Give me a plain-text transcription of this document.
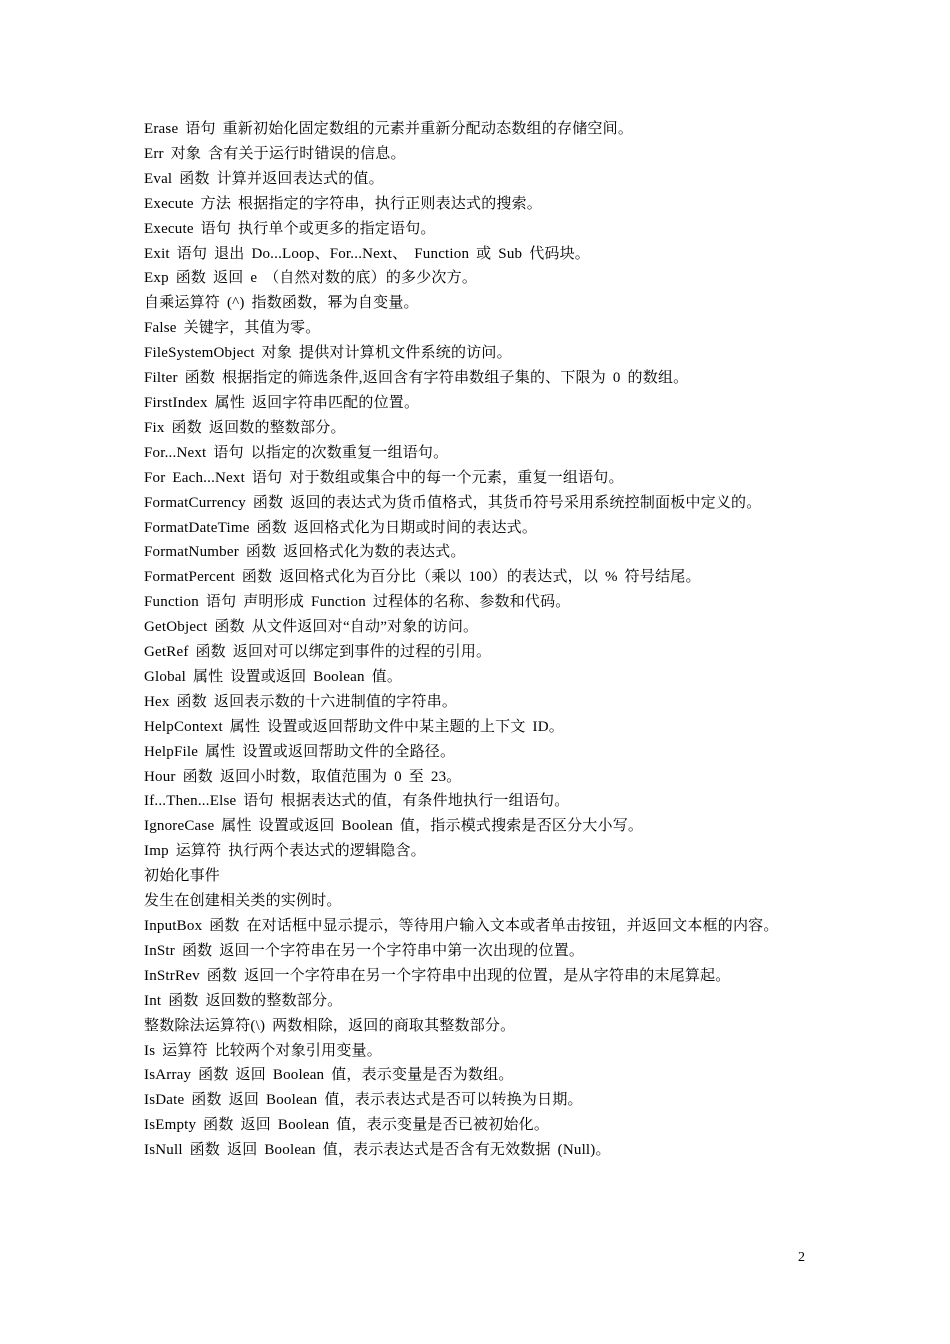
Erase 语句 重新初始化固定数组的元素并重新分配动态数组的存储空间。
Err 对象 含有关于运行时错误的信息。
Eval 函数 计算并返回表达式的值。
Execute 方法 根据指定的字符串，执行正则表达式的搜索。
Execute 语句 执行单个或更多的指定语句。
Exit 语句 退出 Do...Loop、For...Next、 Function 或 Sub 代码块。
Exp 函数 返回 e （自然对数的底）的多少次方。
自乘运算符 (^) 指数函数，幂为自变量。
False 关键字，其值为零。
FileSystemObject 对象 提供对计算机文件系统的访问。
Filter 函数 根据指定的筛选条件,返回含有字符串数组子集的、下限为 0 的数组。
FirstIndex 属性 返回字符串匹配的位置。
Fix 函数 返回数的整数部分。
For...Next 语句 以指定的次数重复一组语句。
For Each...Next 语句 对于数组或集合中的每一个元素，重复一组语句。
FormatCurrency 函数 返回的表达式为货币值格式，其货币符号采用系统控制面板中定义的。
FormatDateTime 函数 返回格式化为日期或时间的表达式。
FormatNumber 函数 返回格式化为数的表达式。
FormatPercent 函数 返回格式化为百分比（乘以 100）的表达式，以 % 符号结尾。
Function 语句 声明形成 Function 过程体的名称、参数和代码。
GetObject 函数 从文件返回对“自动”对象的访问。
GetRef 函数 返回对可以绑定到事件的过程的引用。
Global 属性 设置或返回 Boolean 值。
Hex 函数 返回表示数的十六进制值的字符串。
HelpContext 属性 设置或返回帮助文件中某主题的上下文 ID。
HelpFile 属性 设置或返回帮助文件的全路径。
Hour 函数 返回小时数，取值范围为 0 至 23。
If...Then...Else 语句 根据表达式的值，有条件地执行一组语句。
IgnoreCase 属性 设置或返回 Boolean 值，指示模式搜索是否区分大小写。
Imp 运算符 执行两个表达式的逻辑隐含。
初始化事件
发生在创建相关类的实例时。
InputBox 函数 在对话框中显示提示，等待用户输入文本或者单击按钮，并返回文本框的内容。
InStr 函数 返回一个字符串在另一个字符串中第一次出现的位置。
InStrRev 函数 返回一个字符串在另一个字符串中出现的位置，是从字符串的末尾算起。
Int 函数 返回数的整数部分。
整数除法运算符(\) 两数相除，返回的商取其整数部分。
Is 运算符 比较两个对象引用变量。
IsArray 函数 返回 Boolean 值，表示变量是否为数组。
IsDate 函数 返回 Boolean 值，表示表达式是否可以转换为日期。
IsEmpty 函数 返回 Boolean 值，表示变量是否已被初始化。
IsNull 函数 返回 Boolean 值，表示表达式是否含有无效数据 (Null)。
2
